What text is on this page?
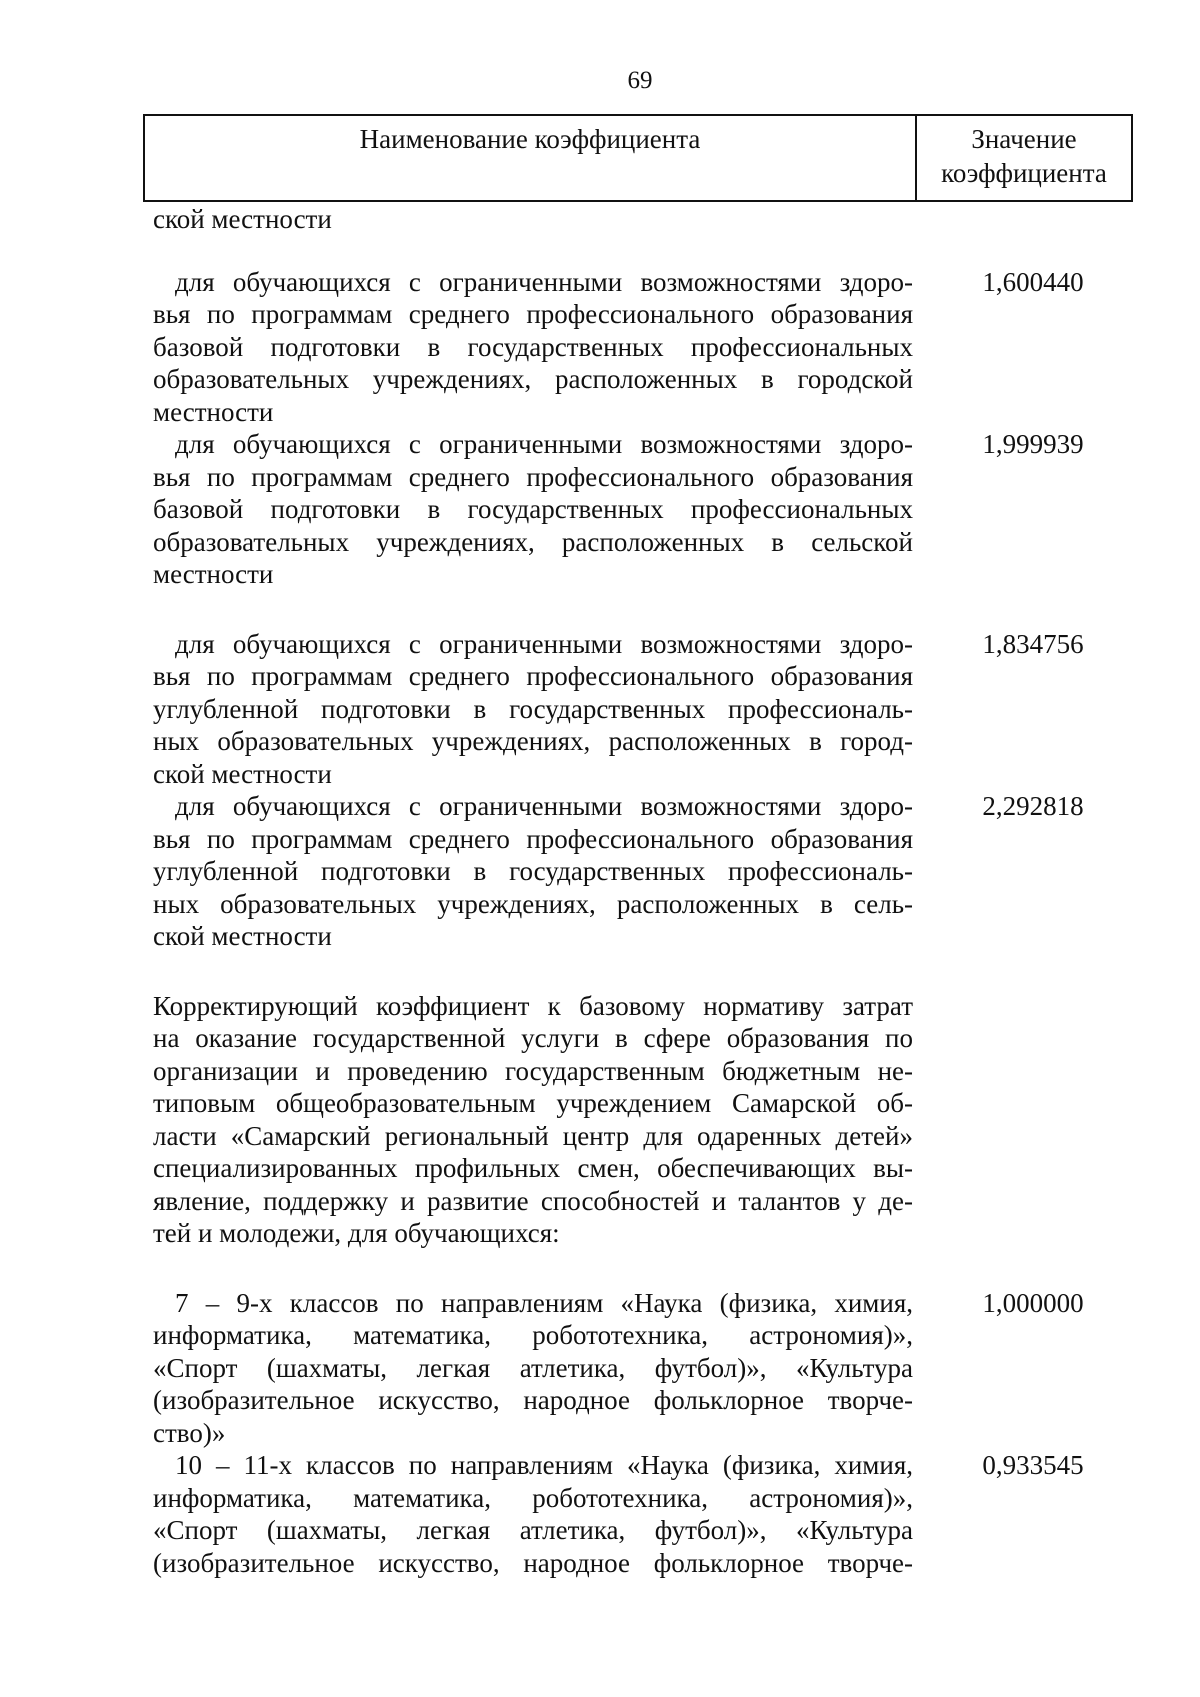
69
Наименование коэффициента	Значение
коэффициента

ской местности

для обучающихся с ограниченными возможностями здоро-
вья по программам среднего профессионального образования
базовой подготовки в государственных профессиональных
образовательных учреждениях, расположенных в городской
местности
1,600440
для обучающихся с ограниченными возможностями здоро-
вья по программам среднего профессионального образования
базовой подготовки в государственных профессиональных
образовательных учреждениях, расположенных в сельской
местности
1,999939
для обучающихся с ограниченными возможностями здоро-
вья по программам среднего профессионального образования
углубленной подготовки в государственных профессиональ-
ных образовательных учреждениях, расположенных в город-
ской местности
1,834756
для обучающихся с ограниченными возможностями здоро-
вья по программам среднего профессионального образования
углубленной подготовки в государственных профессиональ-
ных образовательных учреждениях, расположенных в сель-
ской местности
2,292818
Корректирующий коэффициент к базовому нормативу затрат
на оказание государственной услуги в сфере образования по
организации и проведению государственным бюджетным не-
типовым общеобразовательным учреждением Самарской об-
ласти «Самарский региональный центр для одаренных детей»
специализированных профильных смен, обеспечивающих вы-
явление, поддержку и развитие способностей и талантов у де-
тей и молодежи, для обучающихся:
7 – 9-х классов по направлениям «Наука (физика, химия,
информатика, математика, робототехника, астрономия)»,
«Спорт (шахматы, легкая атлетика, футбол)», «Культура
(изобразительное искусство, народное фольклорное творче-
ство)»
1,000000
10 – 11-х классов по направлениям «Наука (физика, химия,
информатика, математика, робототехника, астрономия)»,
«Спорт (шахматы, легкая атлетика, футбол)», «Культура
(изобразительное искусство, народное фольклорное творче-
0,933545
